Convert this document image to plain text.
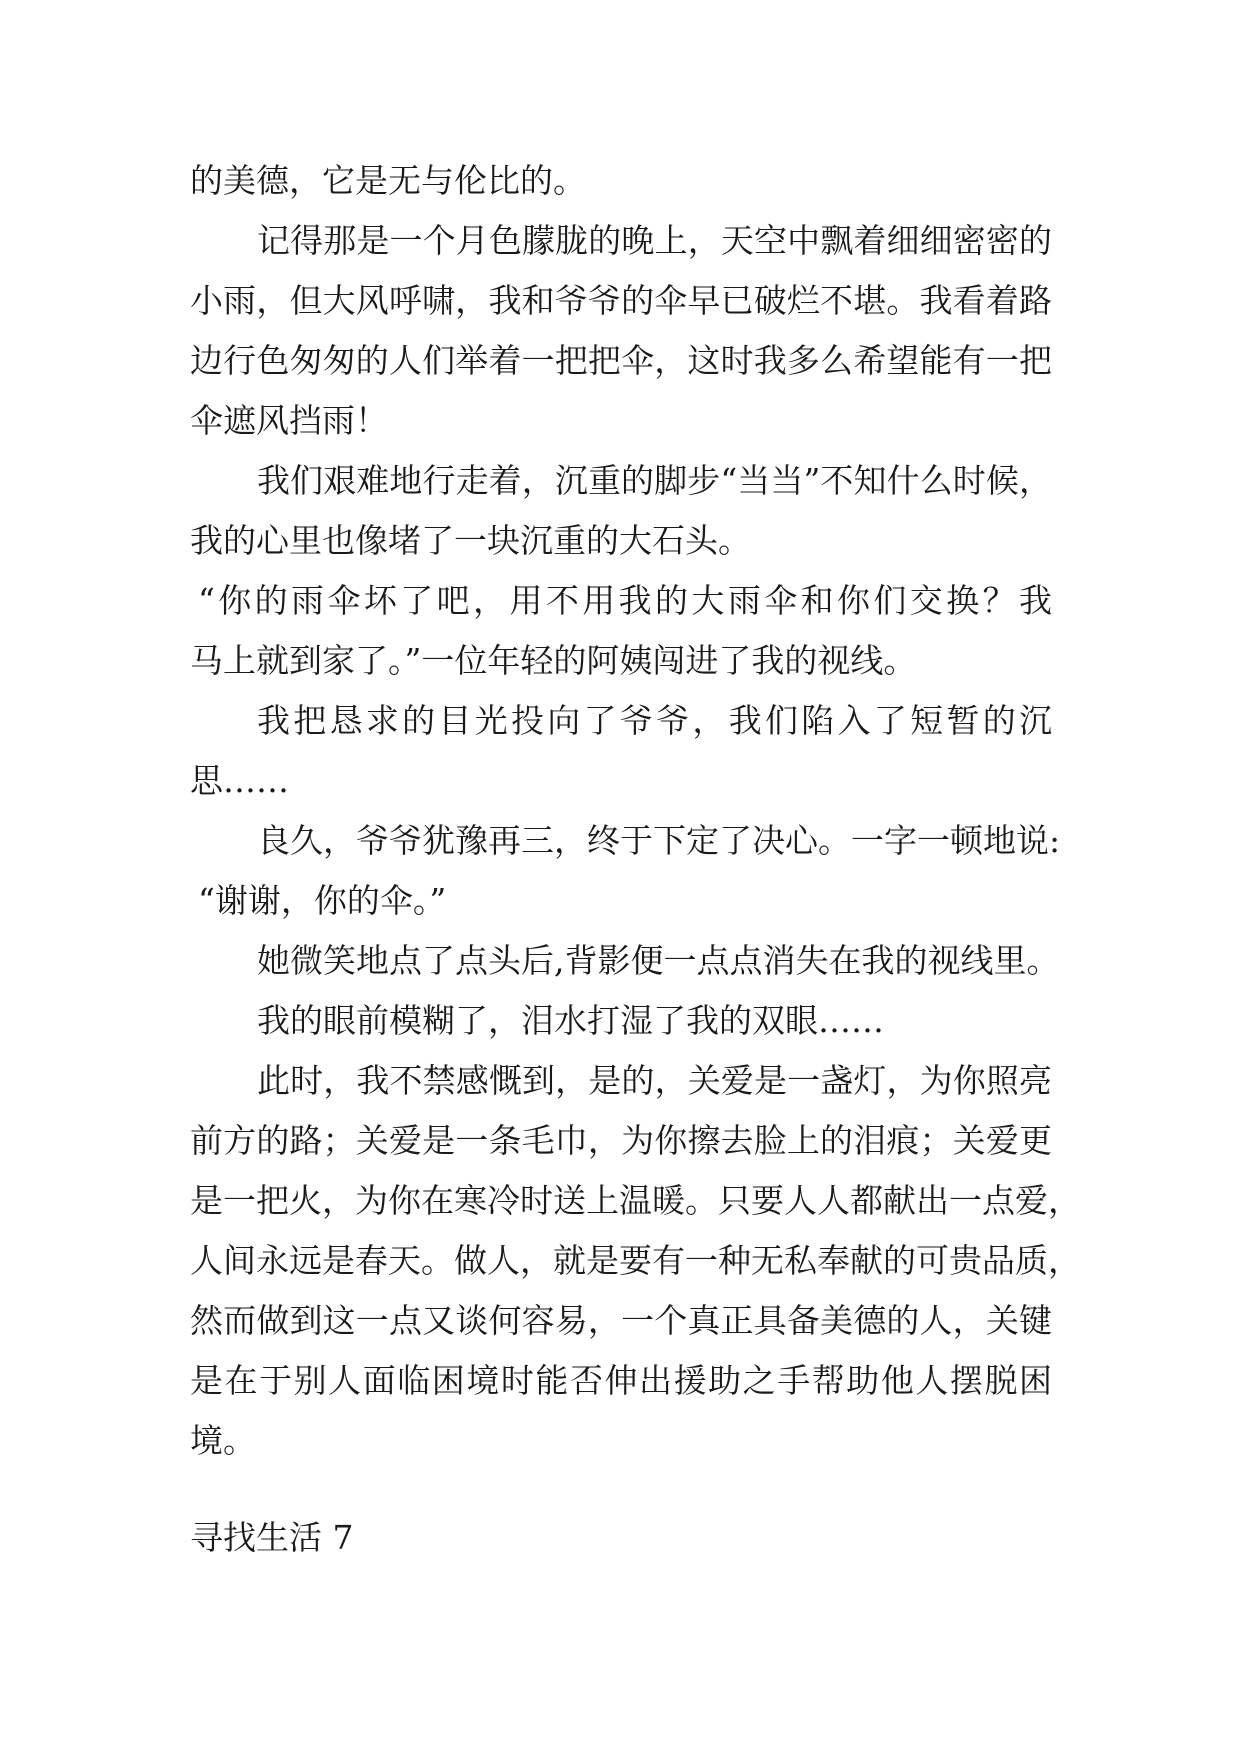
的美德，它是无与伦比的。
记得那是一个月色朦胧的晚上，天空中飘着细细密密的
小雨，但大风呼啸，我和爷爷的伞早已破烂不堪。我看着路
边行色匆匆的人们举着一把把伞，这时我多么希望能有一把
伞遮风挡雨！
我们艰难地行走着，沉重的脚步“当当”不知什么时候，
我的心里也像堵了一块沉重的大石头。
“你的雨伞坏了吧，用不用我的大雨伞和你们交换？我
马上就到家了。”一位年轻的阿姨闯进了我的视线。
我把恳求的目光投向了爷爷，我们陷入了短暂的沉
思……
良久，爷爷犹豫再三，终于下定了决心。一字一顿地说:
“谢谢，你的伞。”
她微笑地点了点头后,背影便一点点消失在我的视线里。
我的眼前模糊了，泪水打湿了我的双眼……
此时，我不禁感慨到，是的，关爱是一盏灯，为你照亮
前方的路；关爱是一条毛巾，为你擦去脸上的泪痕；关爱更
是一把火，为你在寒冷时送上温暖。只要人人都献出一点爱，
人间永远是春天。做人，就是要有一种无私奉献的可贵品质，
然而做到这一点又谈何容易，一个真正具备美德的人，关键
是在于别人面临困境时能否伸出援助之手帮助他人摆脱困
境。
寻找生活 7
